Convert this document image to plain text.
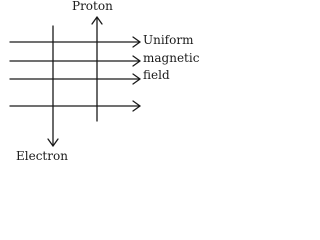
Proton
Electron
Uniform
magnetic
field
